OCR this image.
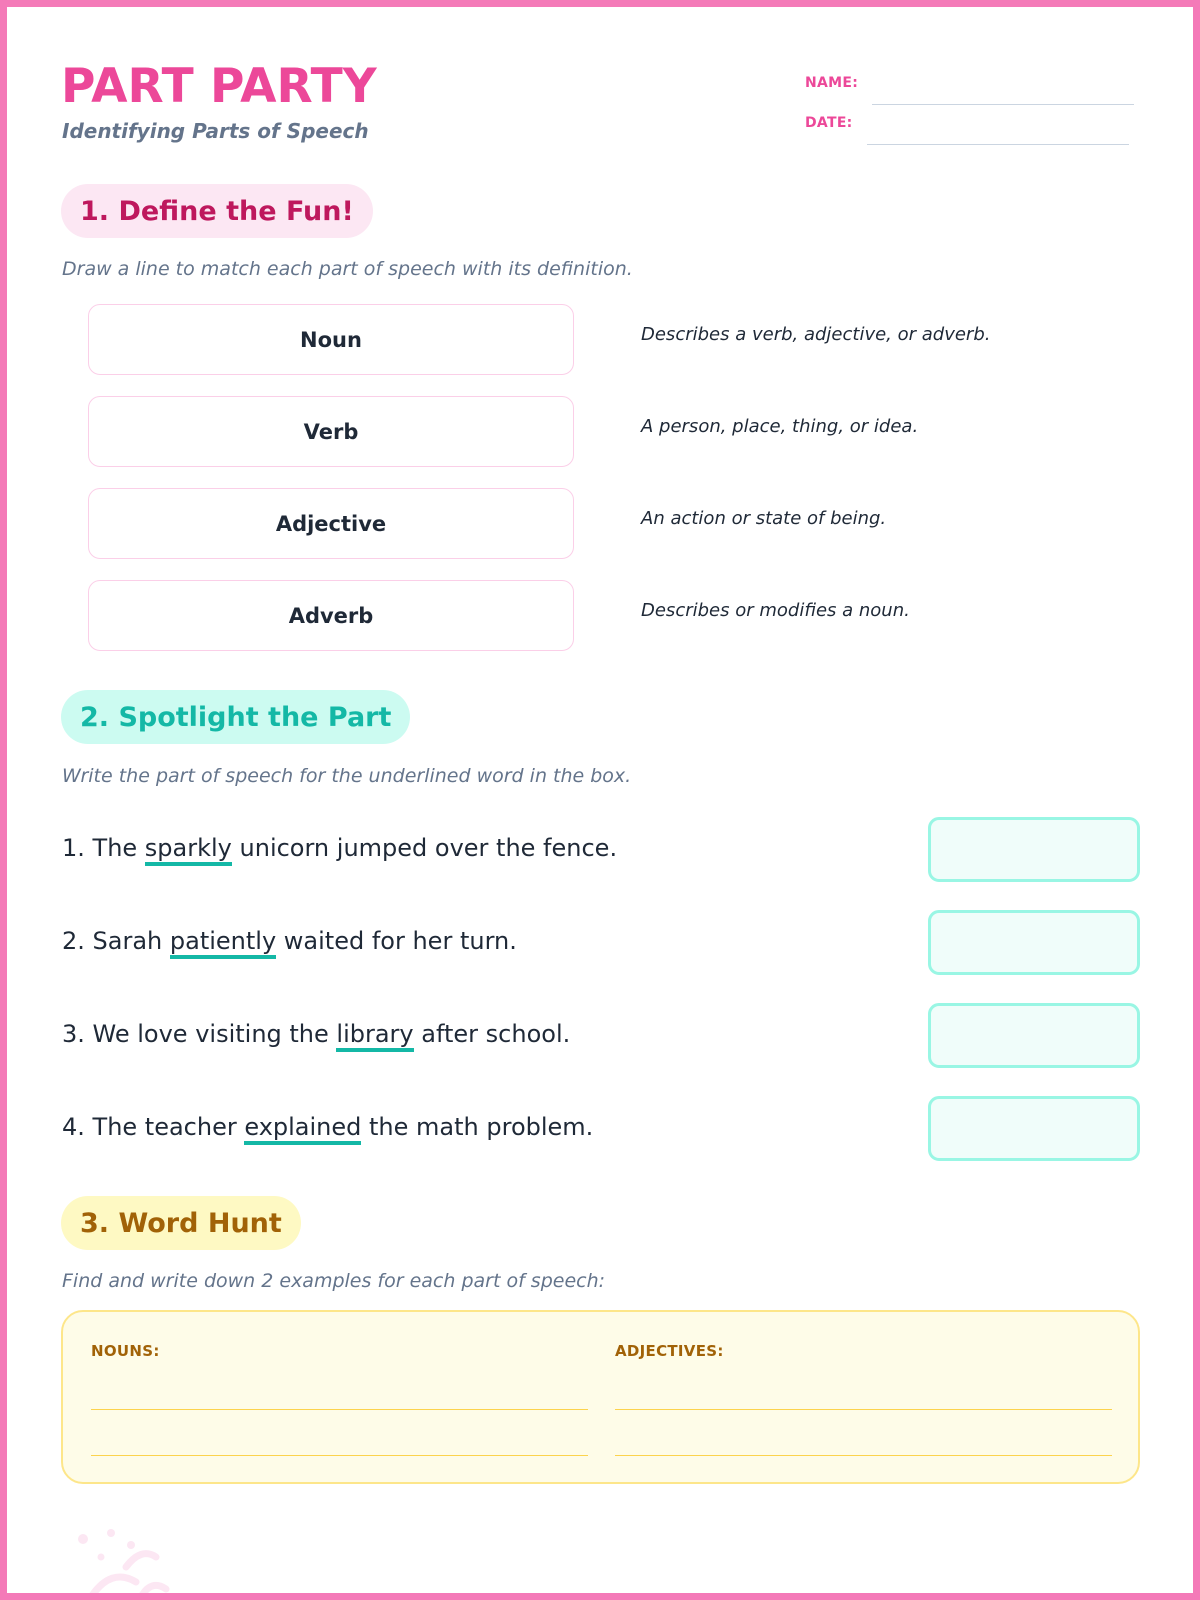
PART PARTY
Identifying Parts of Speech
NAME:
DATE:
1. Define the Fun!
Draw a line to match each part of speech with its definition.
Noun
Verb
Adjective
Adverb
Describes a verb, adjective, or adverb.
A person, place, thing, or idea.
An action or state of being.
Describes or modifies a noun.
2. Spotlight the Part
Write the part of speech for the underlined word in the box.
1. The sparkly unicorn jumped over the fence.
2. Sarah patiently waited for her turn.
3. We love visiting the library after school.
4. The teacher explained the math problem.
3. Word Hunt
Find and write down 2 examples for each part of speech:
NOUNS:	ADJECTIVES:
